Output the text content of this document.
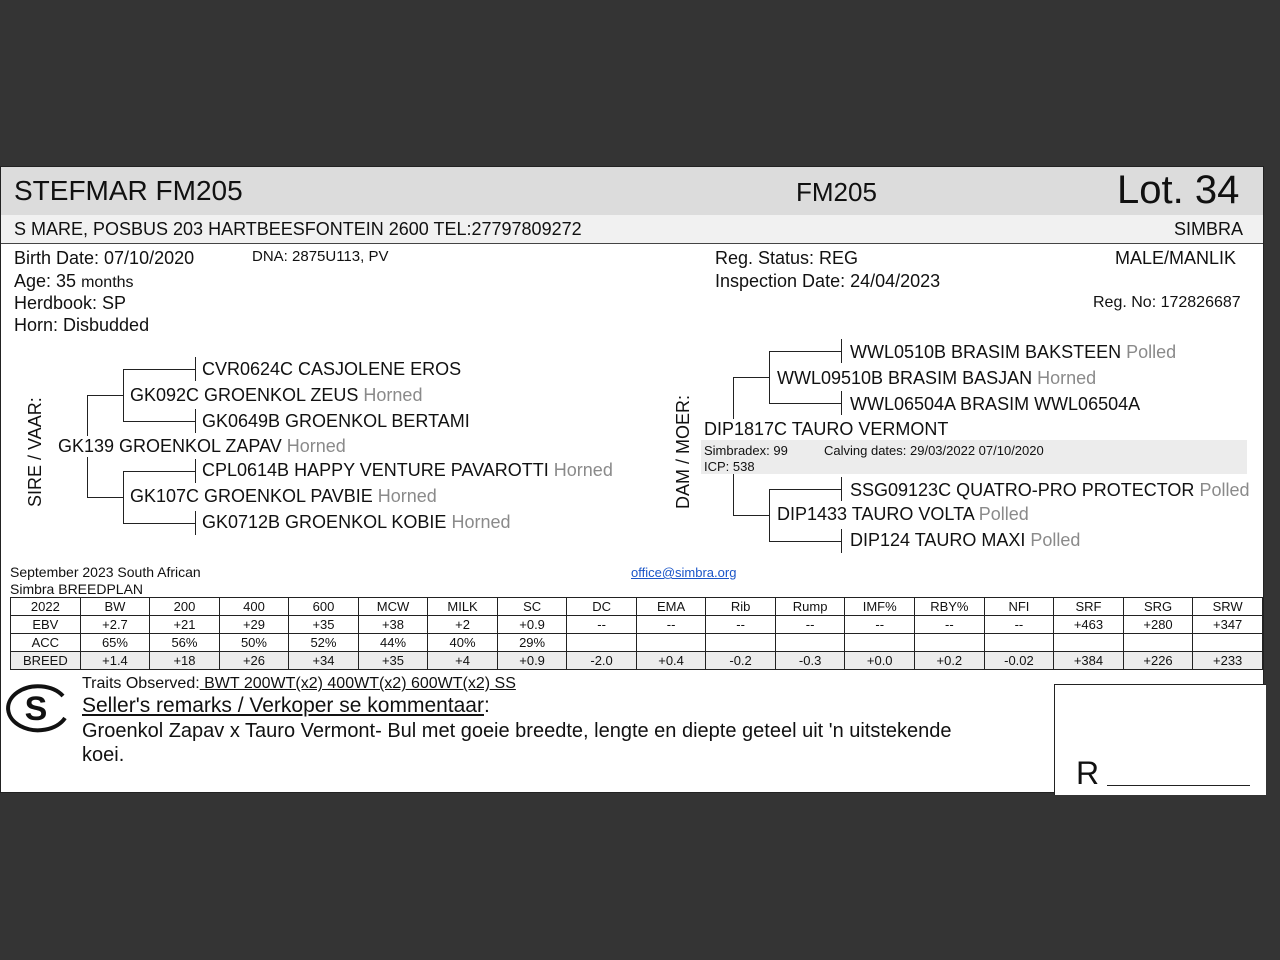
STEFMAR FM205	FM205	Lot. 34
S MARE, POSBUS 203 HARTBEESFONTEIN 2600 TEL:27797809272	SIMBRA
Birth Date: 07/10/2020	DNA: 2875U113, PV
Age: 35 months
Herdbook: SP
Horn: Disbudded
Reg. Status: REG
Inspection Date: 24/04/2023
MALE/MANLIK
Reg. No: 172826687
SIRE / VAAR:
CVR0624C CASJOLENE EROS
GK092C GROENKOL ZEUS Horned
GK0649B GROENKOL BERTAMI
GK139 GROENKOL ZAPAV Horned
CPL0614B HAPPY VENTURE PAVAROTTI Horned
GK107C GROENKOL PAVBIE Horned
GK0712B GROENKOL KOBIE Horned
DAM / MOER:
WWL0510B BRASIM BAKSTEEN Polled
WWL09510B BRASIM BASJAN Horned
WWL06504A BRASIM WWL06504A
DIP1817C TAURO VERMONT
Simbradex: 99	Calving dates: 29/03/2022 07/10/2020
ICP: 538
SSG09123C QUATRO-PRO PROTECTOR Polled
DIP1433 TAURO VOLTA Polled
DIP124 TAURO MAXI Polled
September 2023 South African
Simbra BREEDPLAN
office@simbra.org
2022	BW	200	400	600	MCW	MILK	SC	DC	EMA	Rib	Rump	IMF%	RBY%	NFI	SRF	SRG	SRW
EBV	+2.7	+21	+29	+35	+38	+2	+0.9	--	--	--	--	--	--	--	+463	+280	+347
ACC	65%	56%	50%	52%	44%	40%	29%										
BREED	+1.4	+18	+26	+34	+35	+4	+0.9	-2.0	+0.4	-0.2	-0.3	+0.0	+0.2	-0.02	+384	+226	+233
S
Traits Observed: BWT 200WT(x2) 400WT(x2) 600WT(x2) SS
Seller's remarks / Verkoper se kommentaar:
Groenkol Zapav x Tauro Vermont- Bul met goeie breedte, lengte en diepte geteel uit 'n uitstekende
koei.	R
